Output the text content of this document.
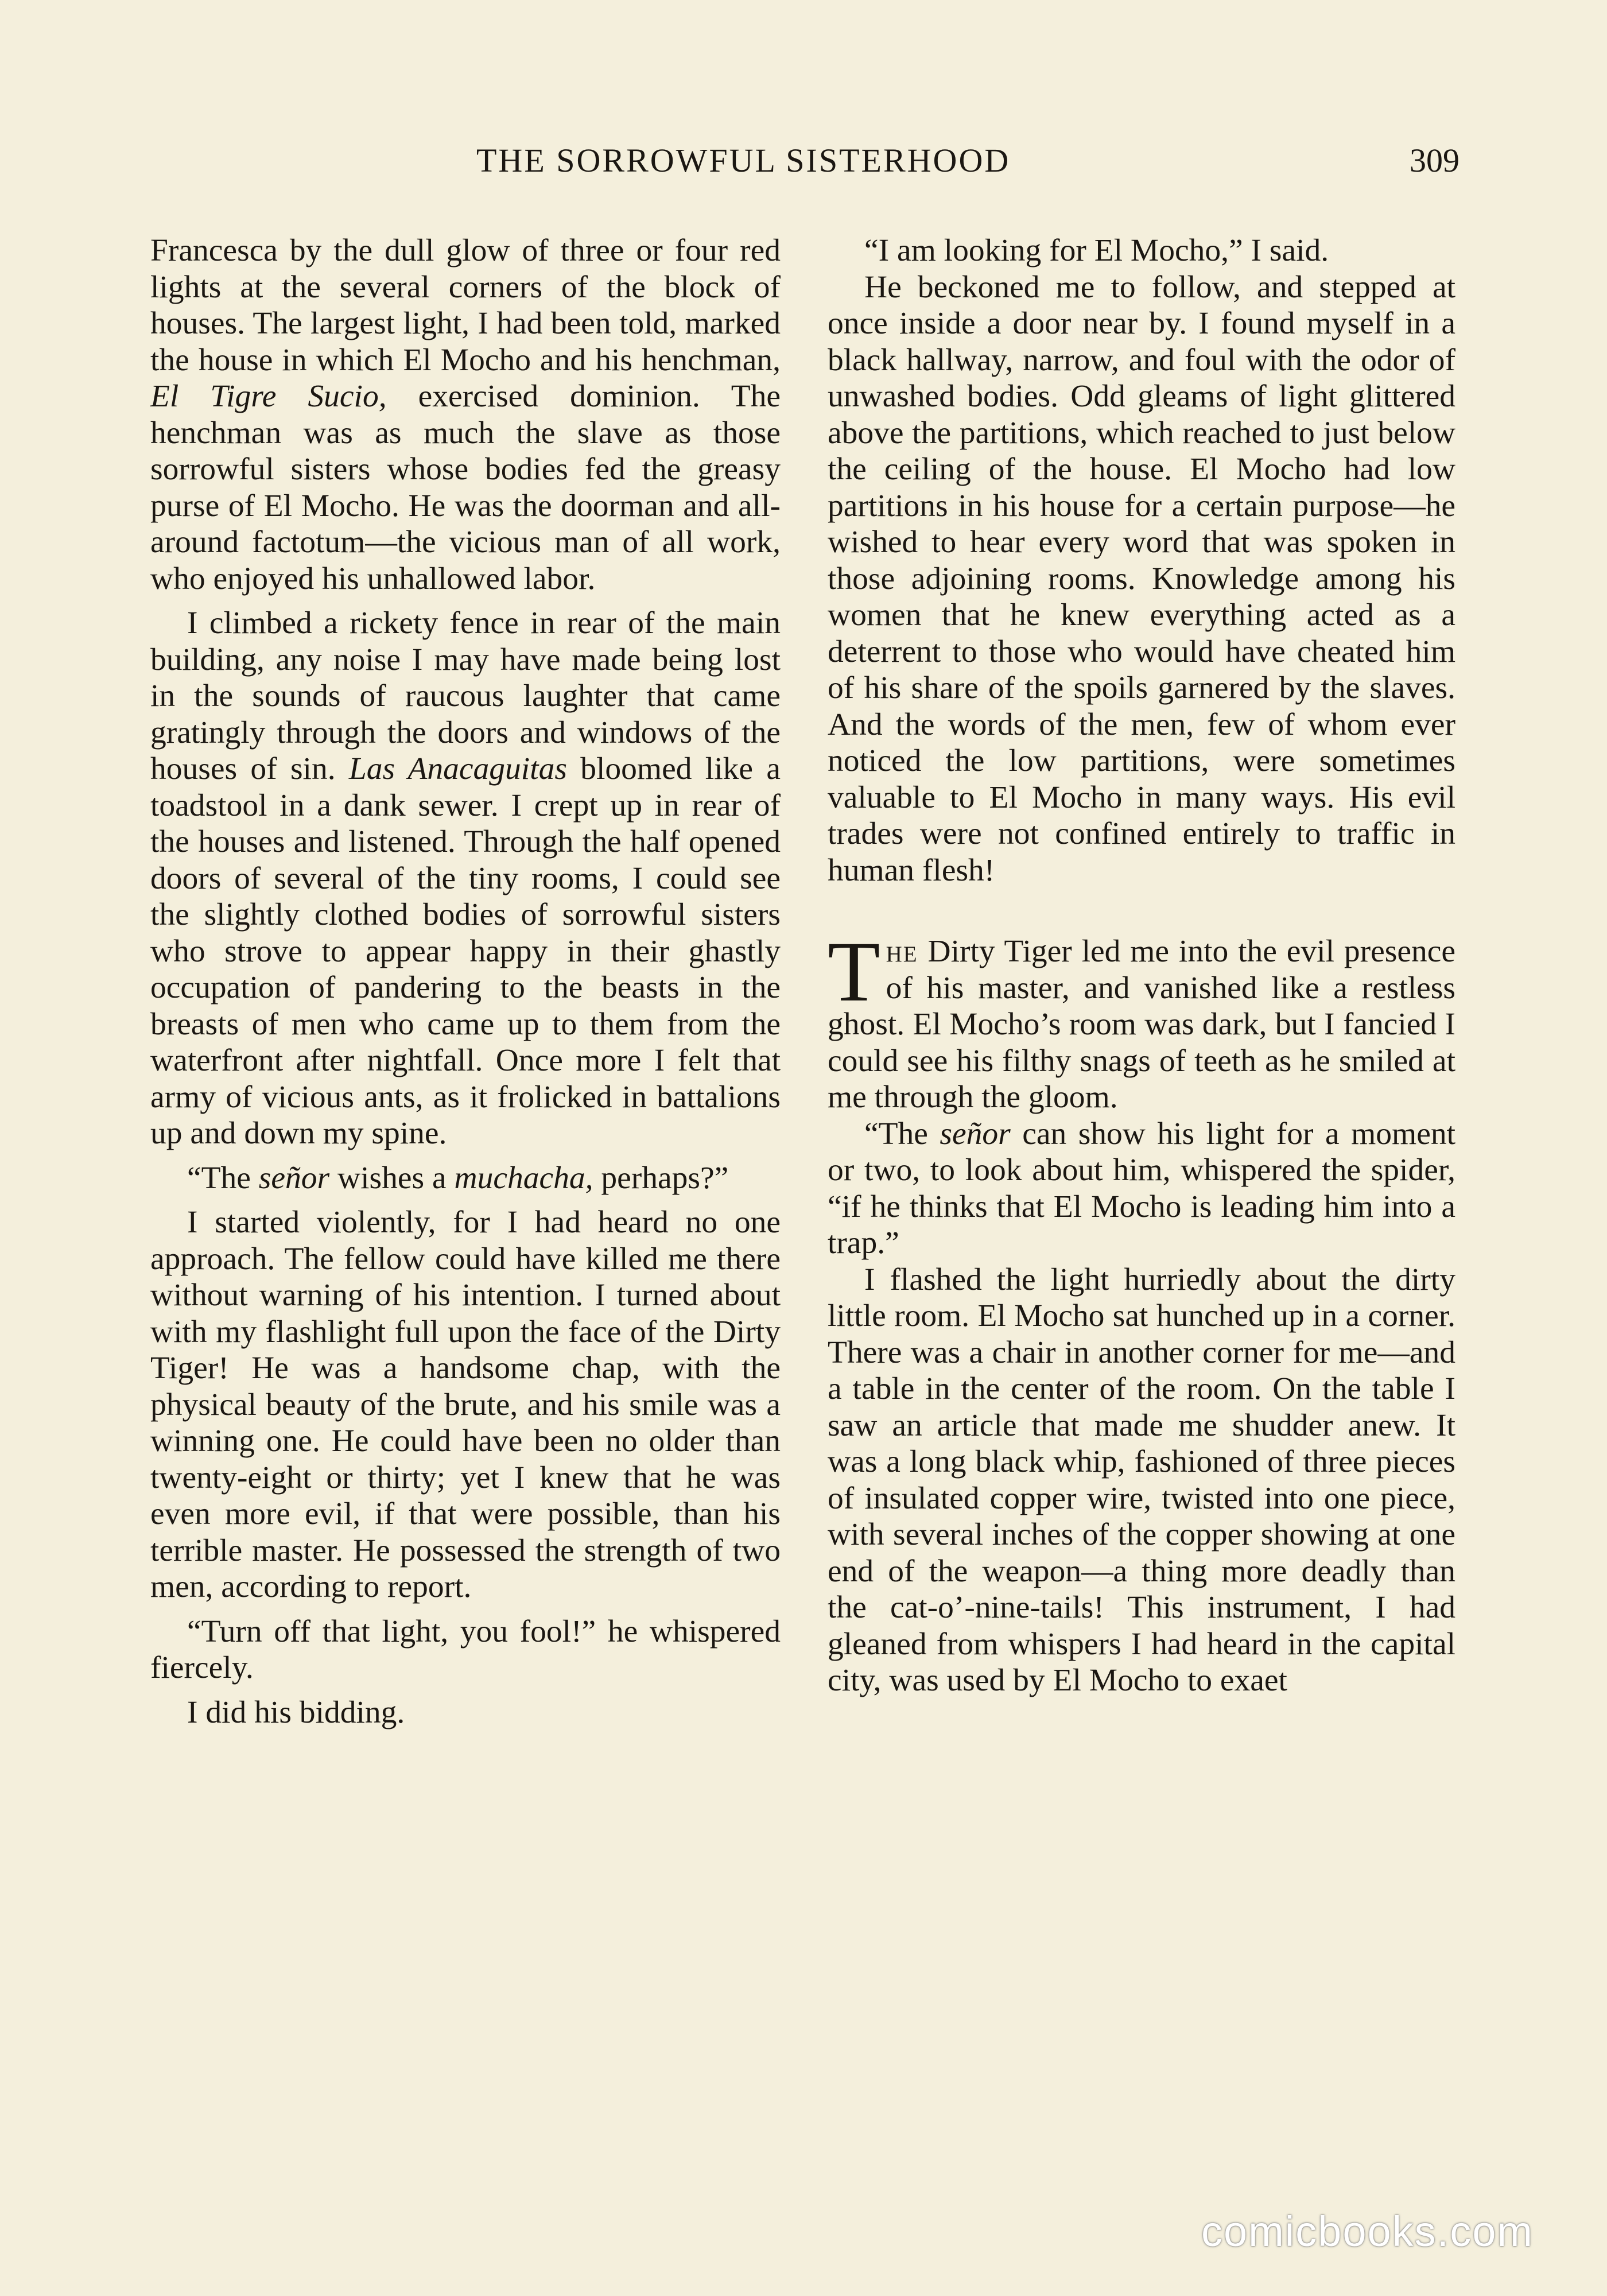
THE SORROWFUL SISTERHOOD	309

Francesca by the dull glow of three or four red lights at the several corners of the block of houses. The largest light, I had been told, marked the house in which El Mocho and his henchman, El Tigre Sucio, exercised dominion. The henchman was as much the slave as those sorrowful sisters whose bodies fed the greasy purse of El Mocho. He was the doorman and all-around factotum—the vicious man of all work, who enjoyed his unhallowed labor.

I climbed a rickety fence in rear of the main building, any noise I may have made being lost in the sounds of raucous laughter that came gratingly through the doors and windows of the houses of sin. Las Anacaguitas bloomed like a toadstool in a dank sewer. I crept up in rear of the houses and listened. Through the half opened doors of several of the tiny rooms, I could see the slightly clothed bodies of sorrowful sisters who strove to appear happy in their ghastly occupation of pandering to the beasts in the breasts of men who came up to them from the waterfront after nightfall. Once more I felt that army of vicious ants, as it frolicked in battalions up and down my spine.

“The señor wishes a muchacha, perhaps?”

I started violently, for I had heard no one approach. The fellow could have killed me there without warning of his intention. I turned about with my flashlight full upon the face of the Dirty Tiger! He was a handsome chap, with the physical beauty of the brute, and his smile was a winning one. He could have been no older than twenty-eight or thirty; yet I knew that he was even more evil, if that were possible, than his terrible master. He possessed the strength of two men, according to report.

“Turn off that light, you fool!” he whispered fiercely.

I did his bidding.

“I am looking for El Mocho,” I said.

He beckoned me to follow, and stepped at once inside a door near by. I found myself in a black hallway, narrow, and foul with the odor of unwashed bodies. Odd gleams of light glittered above the partitions, which reached to just below the ceiling of the house. El Mocho had low partitions in his house for a certain purpose—he wished to hear every word that was spoken in those adjoining rooms. Knowledge among his women that he knew everything acted as a deterrent to those who would have cheated him of his share of the spoils garnered by the slaves. And the words of the men, few of whom ever noticed the low partitions, were sometimes valuable to El Mocho in many ways. His evil trades were not confined entirely to traffic in human flesh!

The Dirty Tiger led me into the evil presence of his master, and vanished like a restless ghost. El Mocho’s room was dark, but I fancied I could see his filthy snags of teeth as he smiled at me through the gloom.

“The señor can show his light for a moment or two, to look about him, whispered the spider, “if he thinks that El Mocho is leading him into a trap.”

I flashed the light hurriedly about the dirty little room. El Mocho sat hunched up in a corner. There was a chair in another corner for me—and a table in the center of the room. On the table I saw an article that made me shudder anew. It was a long black whip, fashioned of three pieces of insulated copper wire, twisted into one piece, with several inches of the copper showing at one end of the weapon—a thing more deadly than the cat-o’-nine-tails! This instrument, I had gleaned from whispers I had heard in the capital city, was used by El Mocho to exaet

comicbooks.com
